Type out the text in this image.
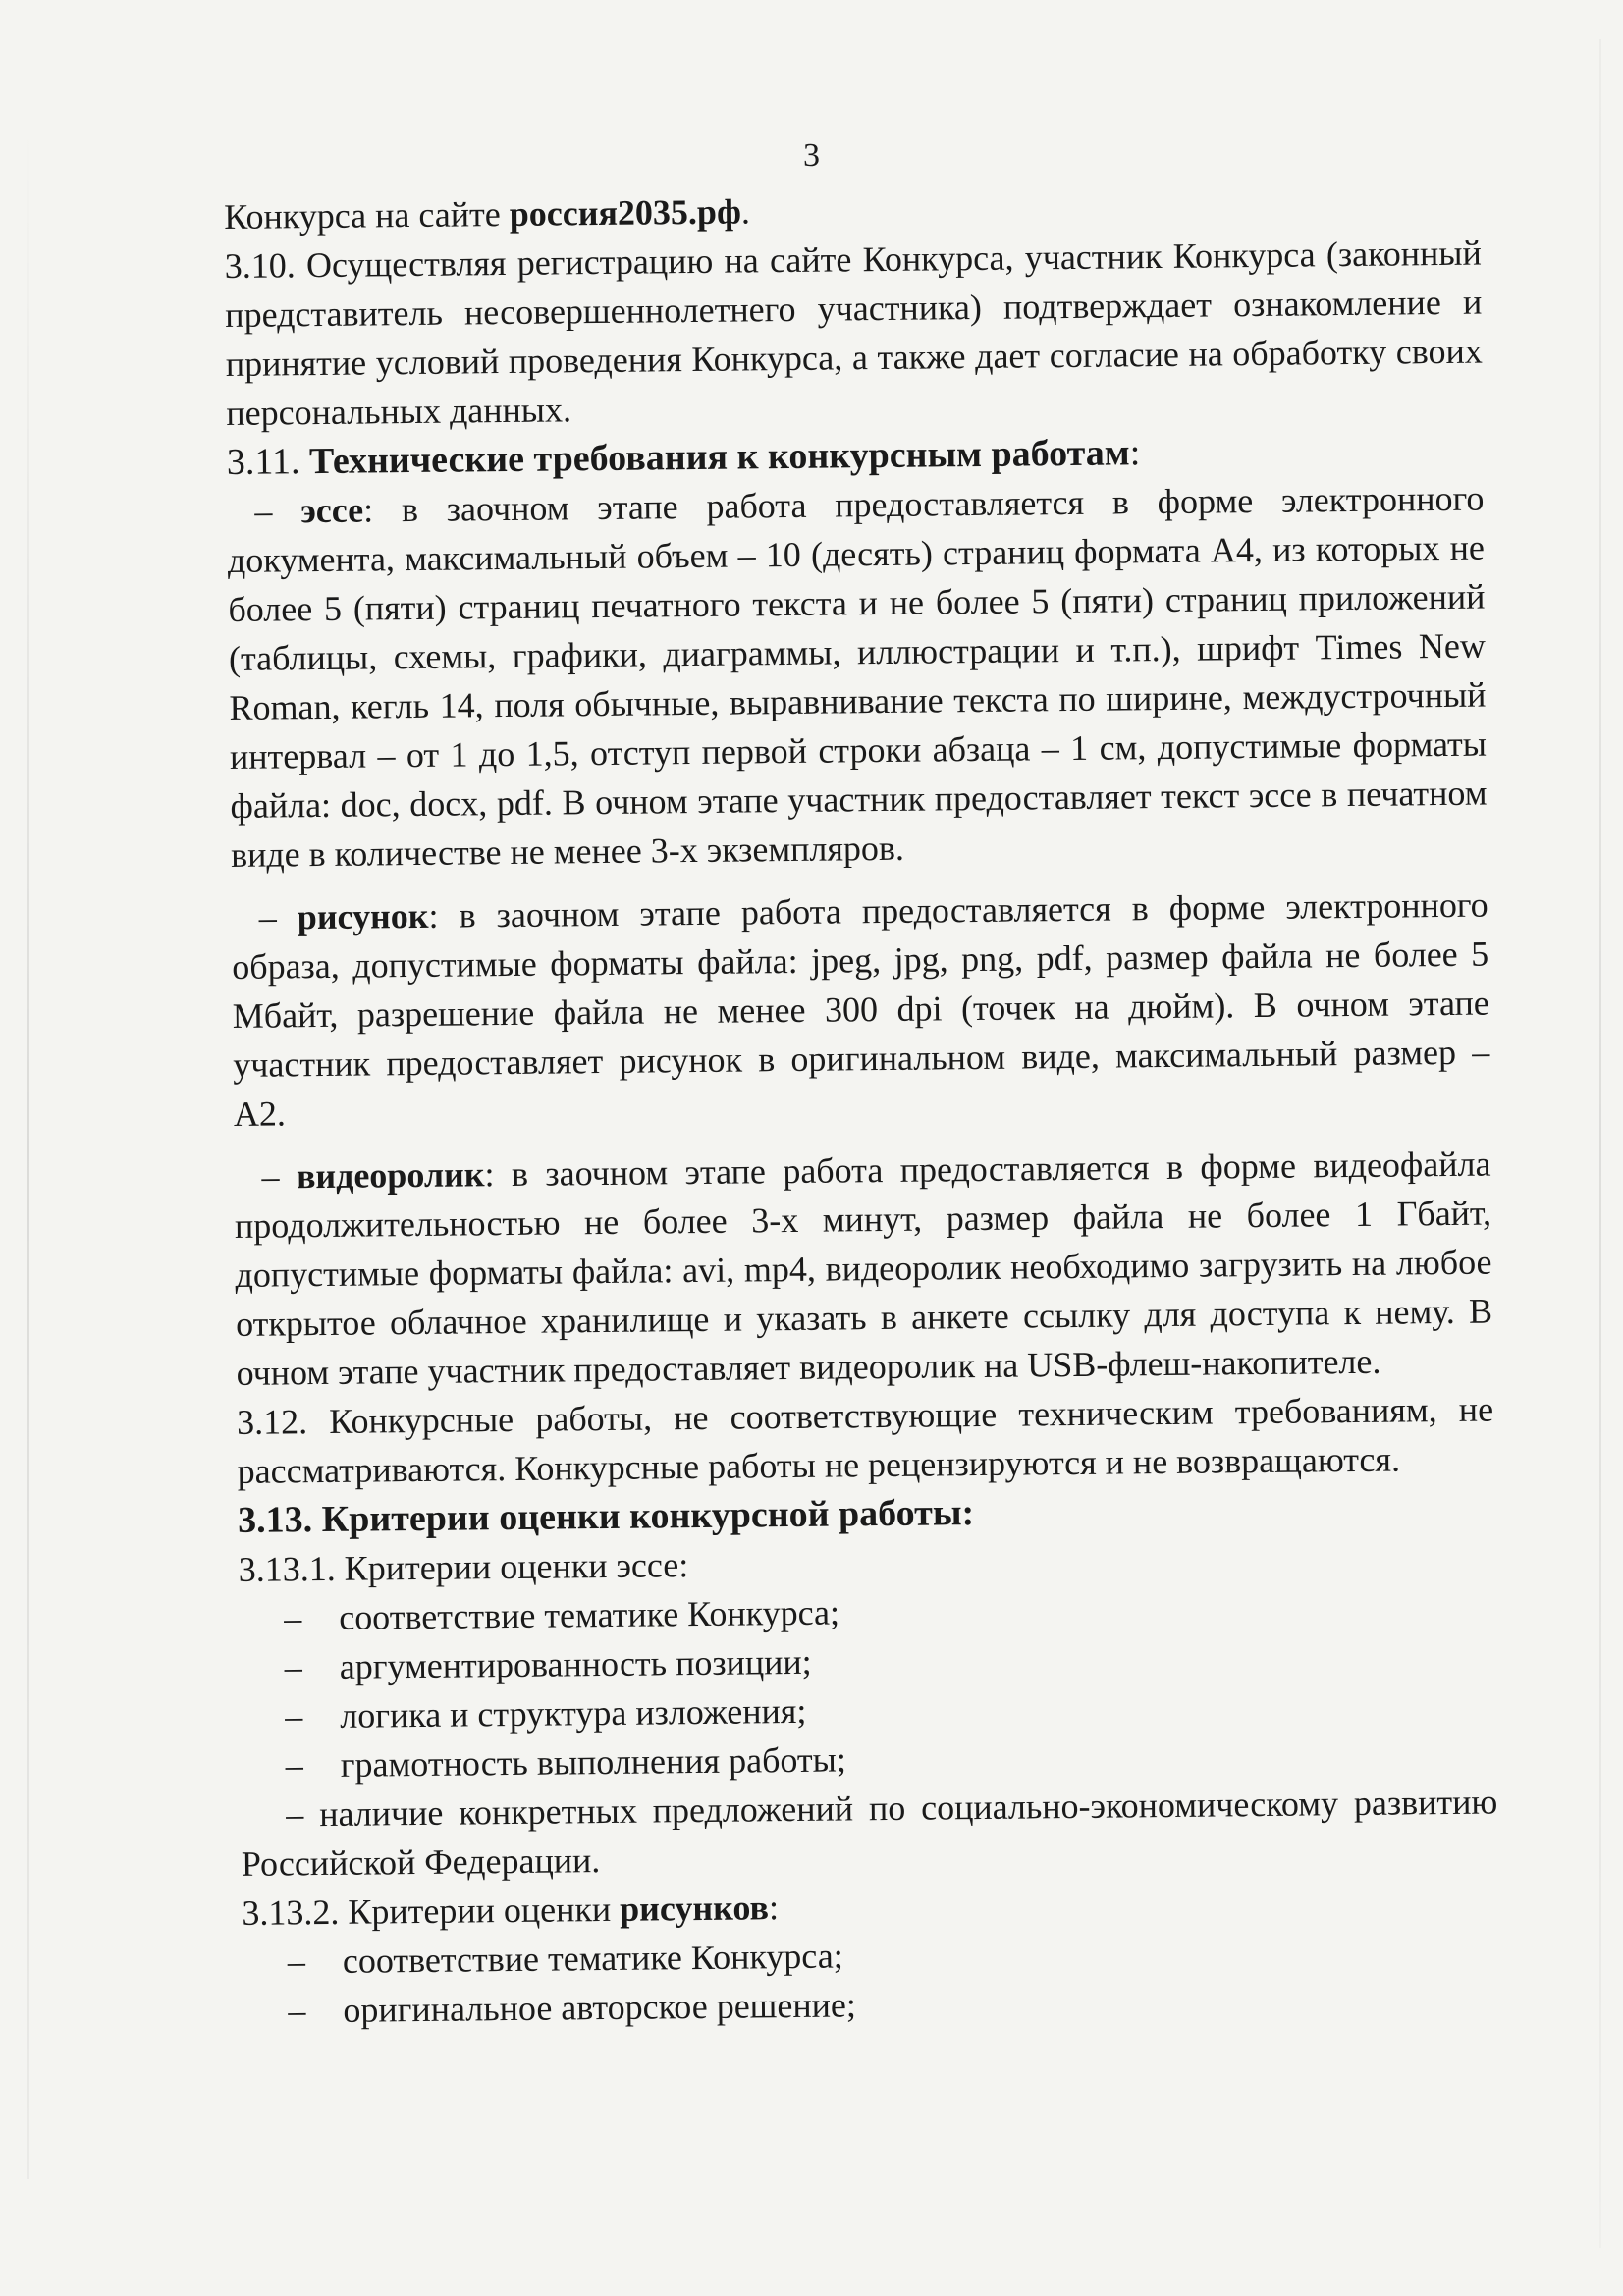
3

Конкурса на сайте россия2035.рф.

3.10. Осуществляя регистрацию на сайте Конкурса, участник Конкурса (законный представитель несовершеннолетнего участника) подтверждает ознакомление и принятие условий проведения Конкурса, а также дает согласие на обработку своих персональных данных.

3.11. Технические требования к конкурсным работам:

– эссе: в заочном этапе работа предоставляется в форме электронного документа, максимальный объем – 10 (десять) страниц формата А4, из которых не более 5 (пяти) страниц печатного текста и не более 5 (пяти) страниц приложений (таблицы, схемы, графики, диаграммы, иллюстрации и т.п.), шрифт Times New Roman, кегль 14, поля обычные, выравнивание текста по ширине, междустрочный интервал – от 1 до 1,5, отступ первой строки абзаца – 1 см, допустимые форматы файла: doc, docx, pdf. В очном этапе участник предоставляет текст эссе в печатном виде в количестве не менее 3-х экземпляров.

– рисунок: в заочном этапе работа предоставляется в форме электронного образа, допустимые форматы файла: jpeg, jpg, png, pdf, размер файла не более 5 Мбайт, разрешение файла не менее 300 dpi (точек на дюйм). В очном этапе участник предоставляет рисунок в оригинальном виде, максимальный размер – А2.

– видеоролик: в заочном этапе работа предоставляется в форме видеофайла продолжительностью не более 3-х минут, размер файла не более 1 Гбайт, допустимые форматы файла: avi, mp4, видеоролик необходимо загрузить на любое открытое облачное хранилище и указать в анкете ссылку для доступа к нему. В очном этапе участник предоставляет видеоролик на USB-флеш-накопителе.

3.12. Конкурсные работы, не соответствующие техническим требованиям, не рассматриваются. Конкурсные работы не рецензируются и не возвращаются.

3.13. Критерии оценки конкурсной работы:

3.13.1. Критерии оценки эссе:

–	соответствие тематике Конкурса;
–	аргументированность позиции;
–	логика и структура изложения;
–	грамотность выполнения работы;

– наличие конкретных предложений по социально-экономическому развитию Российской Федерации.

3.13.2. Критерии оценки рисунков:

–	соответствие тематике Конкурса;
–	оригинальное авторское решение;
